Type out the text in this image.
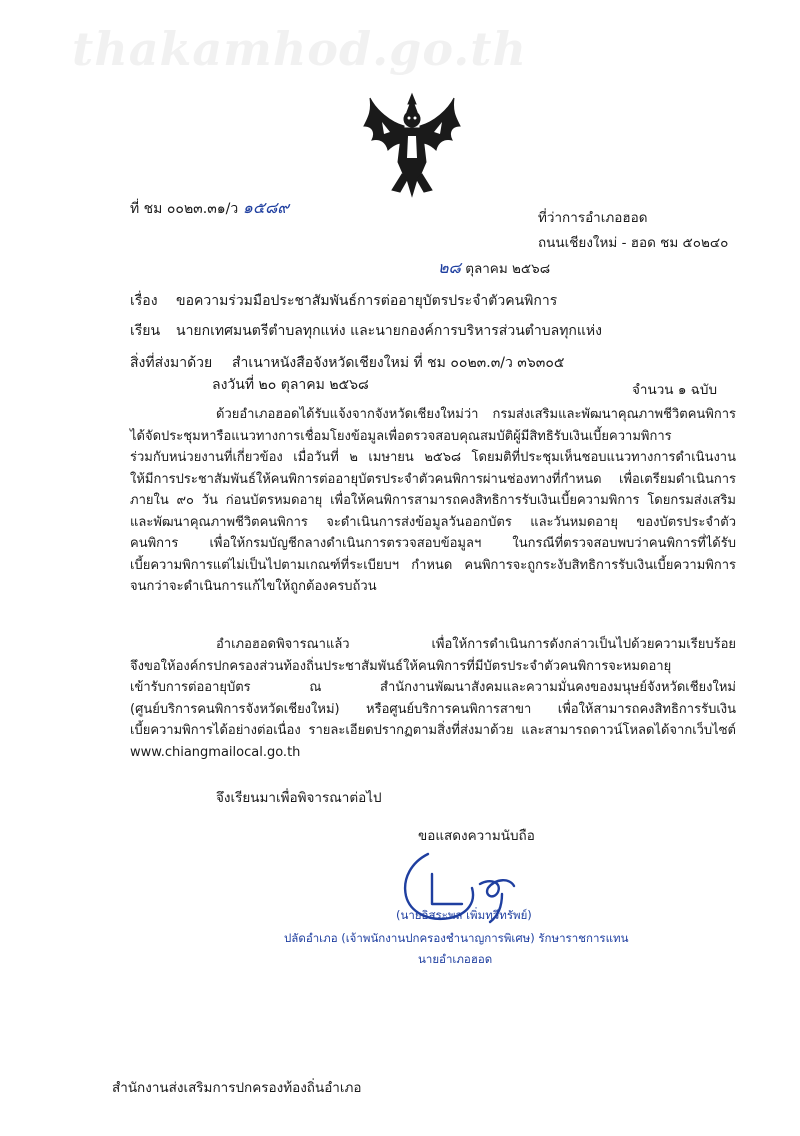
thakamhod.go.th
ที่ ชม ๐๐๒๓.๓๑/ว ๑๕๘๙
ที่ว่าการอำเภอฮอด
ถนนเชียงใหม่ - ฮอด ชม ๕๐๒๔๐
๒๘ ตุลาคม ๒๕๖๘
เรื่อง ขอความร่วมมือประชาสัมพันธ์การต่ออายุบัตรประจำตัวคนพิการ
เรียน นายกเทศมนตรีตำบลทุกแห่ง และนายกองค์การบริหารส่วนตำบลทุกแห่ง
สิ่งที่ส่งมาด้วย สำเนาหนังสือจังหวัดเชียงใหม่ ที่ ชม ๐๐๒๓.๓/ว ๓๖๓๐๕
ลงวันที่ ๒๐ ตุลาคม ๒๕๖๘	จำนวน ๑ ฉบับ
ด้วยอำเภอฮอดได้รับแจ้งจากจังหวัดเชียงใหม่ว่า กรมส่งเสริมและพัฒนาคุณภาพชีวิตคนพิการ
ได้จัดประชุมหารือแนวทางการเชื่อมโยงข้อมูลเพื่อตรวจสอบคุณสมบัติผู้มีสิทธิรับเงินเบี้ยความพิการ
ร่วมกับหน่วยงานที่เกี่ยวข้อง เมื่อวันที่ ๒ เมษายน ๒๕๖๘ โดยมติที่ประชุมเห็นชอบแนวทางการดำเนินงาน
ให้มีการประชาสัมพันธ์ให้คนพิการต่ออายุบัตรประจำตัวคนพิการผ่านช่องทางที่กำหนด เพื่อเตรียมดำเนินการ
ภายใน ๙๐ วัน ก่อนบัตรหมดอายุ เพื่อให้คนพิการสามารถคงสิทธิการรับเงินเบี้ยความพิการ โดยกรมส่งเสริม
และพัฒนาคุณภาพชีวิตคนพิการ จะดำเนินการส่งข้อมูลวันออกบัตร และวันหมดอายุ ของบัตรประจำตัว
คนพิการ เพื่อให้กรมบัญชีกลางดำเนินการตรวจสอบข้อมูลฯ ในกรณีที่ตรวจสอบพบว่าคนพิการที่ได้รับ
เบี้ยความพิการแต่ไม่เป็นไปตามเกณฑ์ที่ระเบียบฯ กำหนด คนพิการจะถูกระงับสิทธิการรับเงินเบี้ยความพิการ
จนกว่าจะดำเนินการแก้ไขให้ถูกต้องครบถ้วน
อำเภอฮอดพิจารณาแล้ว เพื่อให้การดำเนินการดังกล่าวเป็นไปด้วยความเรียบร้อย
จึงขอให้องค์กรปกครองส่วนท้องถิ่นประชาสัมพันธ์ให้คนพิการที่มีบัตรประจำตัวคนพิการจะหมดอายุ
เข้ารับการต่ออายุบัตร ณ สำนักงานพัฒนาสังคมและความมั่นคงของมนุษย์จังหวัดเชียงใหม่
(ศูนย์บริการคนพิการจังหวัดเชียงใหม่) หรือศูนย์บริการคนพิการสาขา เพื่อให้สามารถคงสิทธิการรับเงิน
เบี้ยความพิการได้อย่างต่อเนื่อง รายละเอียดปรากฏตามสิ่งที่ส่งมาด้วย และสามารถดาวน์โหลดได้จากเว็บไซต์
www.chiangmailocal.go.th
จึงเรียนมาเพื่อพิจารณาต่อไป
ขอแสดงความนับถือ
(นายอิสระพล เพิ่มทวีทรัพย์)
ปลัดอำเภอ (เจ้าพนักงานปกครองชำนาญการพิเศษ) รักษาราชการแทน
นายอำเภอฮอด
สำนักงานส่งเสริมการปกครองท้องถิ่นอำเภอ
